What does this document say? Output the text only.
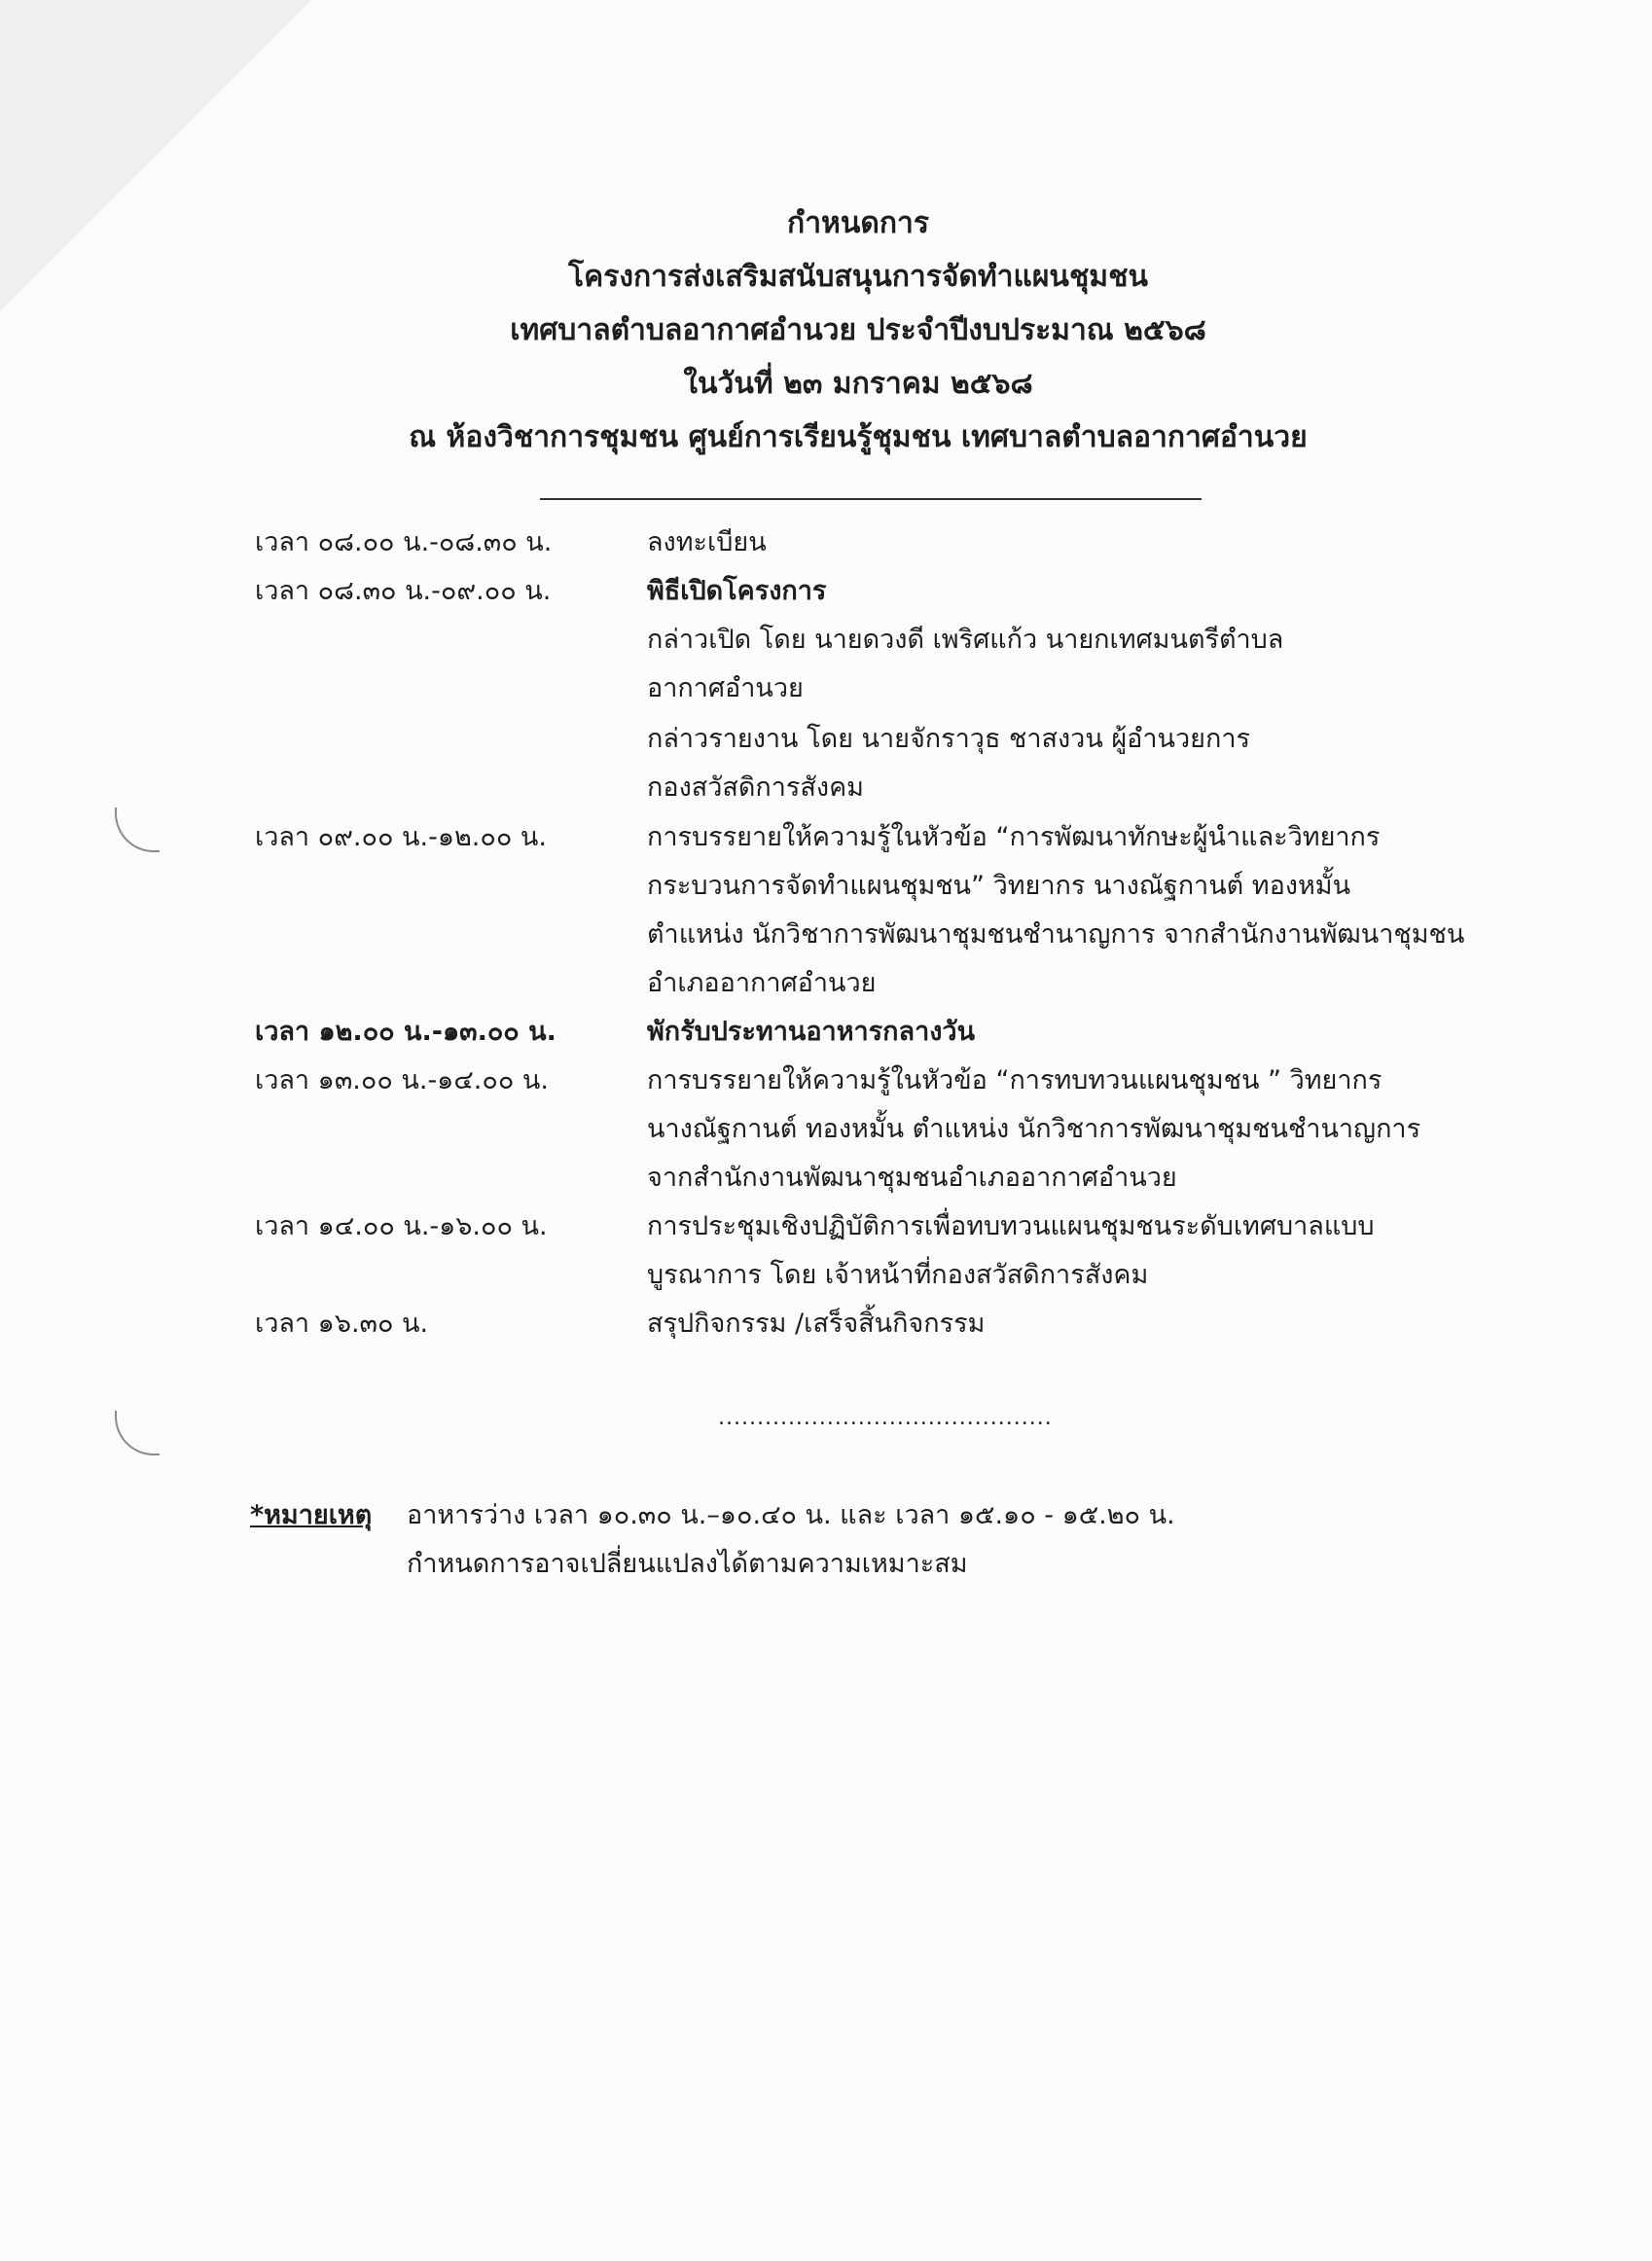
กำหนดการ
โครงการส่งเสริมสนับสนุนการจัดทำแผนชุมชน
เทศบาลตำบลอากาศอำนวย ประจำปีงบประมาณ ๒๕๖๘
ในวันที่ ๒๓ มกราคม ๒๕๖๘
ณ ห้องวิชาการชุมชน ศูนย์การเรียนรู้ชุมชน เทศบาลตำบลอากาศอำนวย
เวลา ๐๘.๐๐ น.-๐๘.๓๐ น.	ลงทะเบียน
เวลา ๐๘.๓๐ น.-๐๙.๐๐ น.	พิธีเปิดโครงการ
กล่าวเปิด โดย นายดวงดี เพริศแก้ว นายกเทศมนตรีตำบล
อากาศอำนวย
กล่าวรายงาน โดย นายจักราวุธ ชาสงวน ผู้อำนวยการ
กองสวัสดิการสังคม
เวลา ๐๙.๐๐ น.-๑๒.๐๐ น.	การบรรยายให้ความรู้ในหัวข้อ “การพัฒนาทักษะผู้นำและวิทยากร
กระบวนการจัดทำแผนชุมชน” วิทยากร นางณัฐกานต์ ทองหมั้น
ตำแหน่ง นักวิชาการพัฒนาชุมชนชำนาญการ จากสำนักงานพัฒนาชุมชน
อำเภออากาศอำนวย
เวลา ๑๒.๐๐ น.-๑๓.๐๐ น.	พักรับประทานอาหารกลางวัน
เวลา ๑๓.๐๐ น.-๑๔.๐๐ น.	การบรรยายให้ความรู้ในหัวข้อ “การทบทวนแผนชุมชน ” วิทยากร
นางณัฐกานต์ ทองหมั้น ตำแหน่ง นักวิชาการพัฒนาชุมชนชำนาญการ
จากสำนักงานพัฒนาชุมชนอำเภออากาศอำนวย
เวลา ๑๔.๐๐ น.-๑๖.๐๐ น.	การประชุมเชิงปฏิบัติการเพื่อทบทวนแผนชุมชนระดับเทศบาลแบบ
บูรณาการ โดย เจ้าหน้าที่กองสวัสดิการสังคม
เวลา ๑๖.๓๐ น.	สรุปกิจกรรม /เสร็จสิ้นกิจกรรม
...........................................
*หมายเหตุ อาหารว่าง เวลา ๑๐.๓๐ น.–๑๐.๔๐ น. และ เวลา ๑๕.๑๐ - ๑๕.๒๐ น.
กำหนดการอาจเปลี่ยนแปลงได้ตามความเหมาะสม
